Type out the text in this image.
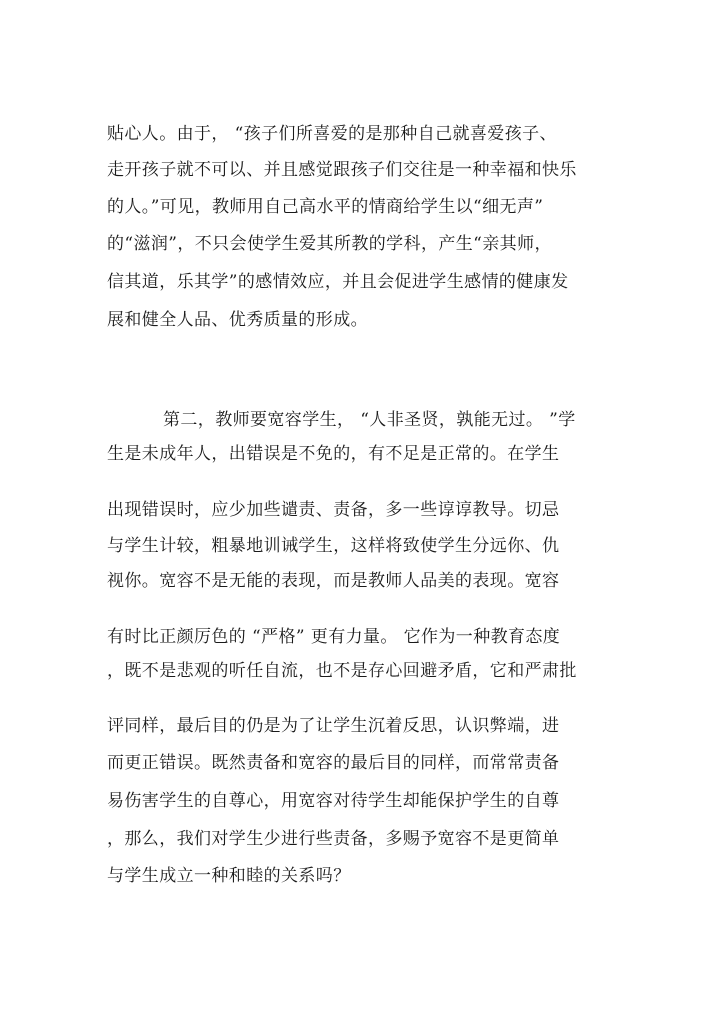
贴心人。由于， “孩子们所喜爱的是那种自己就喜爱孩子、
走开孩子就不可以、并且感觉跟孩子们交往是一种幸福和快乐
的人。”可见，教师用自己高水平的情商给学生以“细无声”
的“滋润”，不只会使学生爱其所教的学科，产生“亲其师，
信其道，乐其学”的感情效应，并且会促进学生感情的健康发
展和健全人品、优秀质量的形成。
第二，教师要宽容学生， “人非圣贤，孰能无过。 ”学
生是未成年人，出错误是不免的，有不足是正常的。在学生
出现错误时，应少加些谴责、责备，多一些谆谆教导。切忌
与学生计较，粗暴地训诫学生，这样将致使学生分远你、仇
视你。宽容不是无能的表现，而是教师人品美的表现。宽容
有时比正颜厉色的 “严格” 更有力量。 它作为一种教育态度
，既不是悲观的听任自流，也不是存心回避矛盾，它和严肃批
评同样，最后目的仍是为了让学生沉着反思，认识弊端，进
而更正错误。既然责备和宽容的最后目的同样，而常常责备
易伤害学生的自尊心，用宽容对待学生却能保护学生的自尊
，那么，我们对学生少进行些责备，多赐予宽容不是更简单
与学生成立一种和睦的关系吗？
